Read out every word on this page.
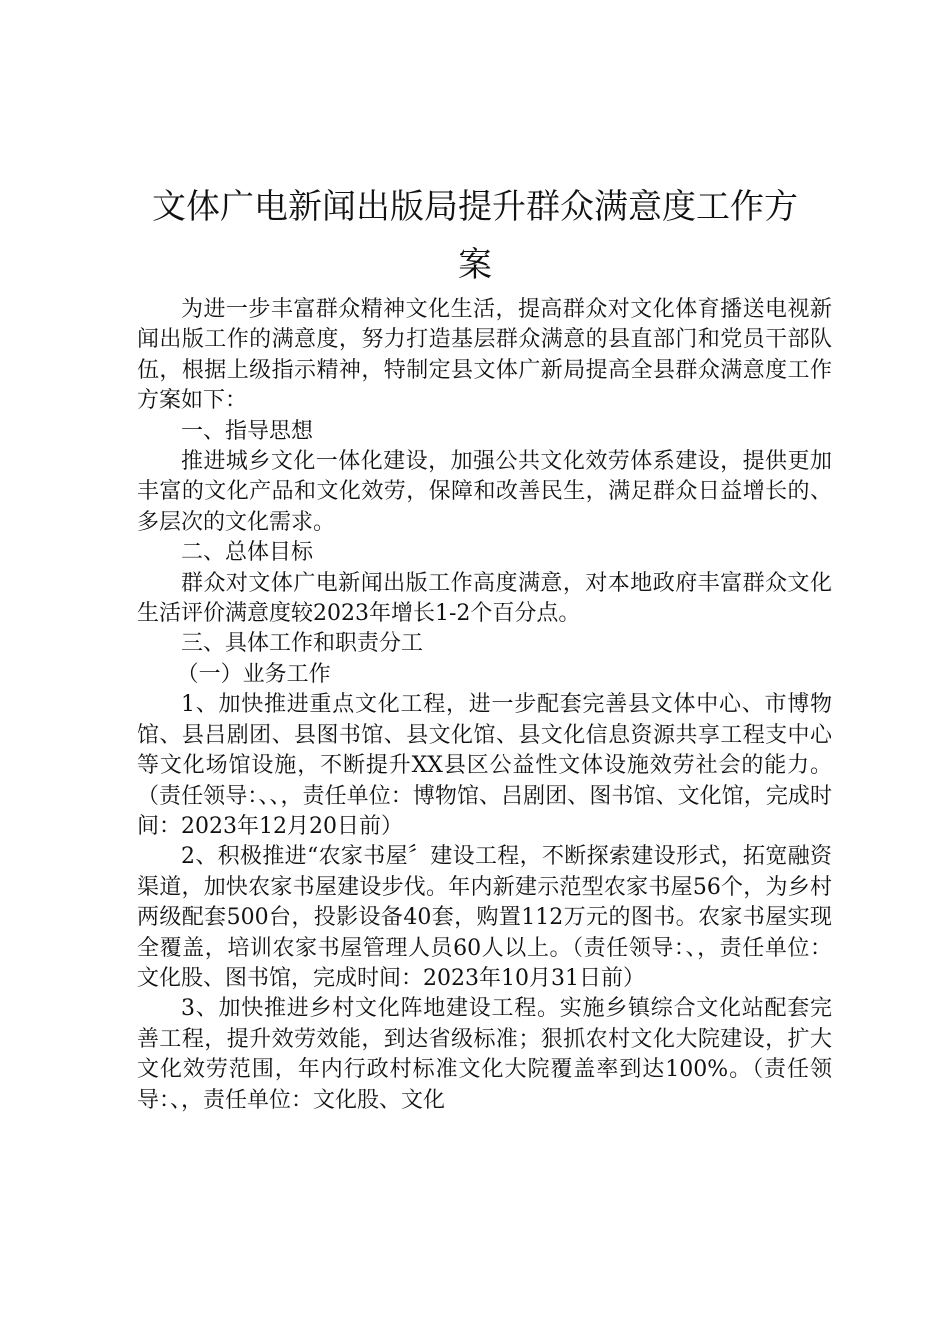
文体广电新闻出版局提升群众满意度工作方
案

为进一步丰富群众精神文化生活，提高群众对文化体育播送电视新闻出版工作的满意度，努力打造基层群众满意的县直部门和党员干部队伍，根据上级指示精神，特制定县文体广新局提高全县群众满意度工作方案如下：

一、指导思想

推进城乡文化一体化建设，加强公共文化效劳体系建设，提供更加丰富的文化产品和文化效劳，保障和改善民生，满足群众日益增长的、多层次的文化需求。

二、总体目标

群众对文体广电新闻出版工作高度满意，对本地政府丰富群众文化生活评价满意度较2023年增长1-2个百分点。

三、具体工作和职责分工

（一）业务工作

1、加快推进重点文化工程，进一步配套完善县文体中心、市博物馆、县吕剧团、县图书馆、县文化馆、县文化信息资源共享工程支中心等文化场馆设施，不断提升XX县区公益性文体设施效劳社会的能力。（责任领导：、、，责任单位：博物馆、吕剧团、图书馆、文化馆，完成时间：2023年12月20日前）

2、积极推进“农家书屋〞建设工程，不断探索建设形式，拓宽融资渠道，加快农家书屋建设步伐。年内新建示范型农家书屋56个，为乡村两级配套500台，投影设备40套，购置112万元的图书。农家书屋实现全覆盖，培训农家书屋管理人员60人以上。（责任领导：、，责任单位：文化股、图书馆，完成时间：2023年10月31日前）

3、加快推进乡村文化阵地建设工程。实施乡镇综合文化站配套完善工程，提升效劳效能，到达省级标准；狠抓农村文化大院建设，扩大文化效劳范围，年内行政村标准文化大院覆盖率到达100%。（责任领导：、，责任单位：文化股、文化
